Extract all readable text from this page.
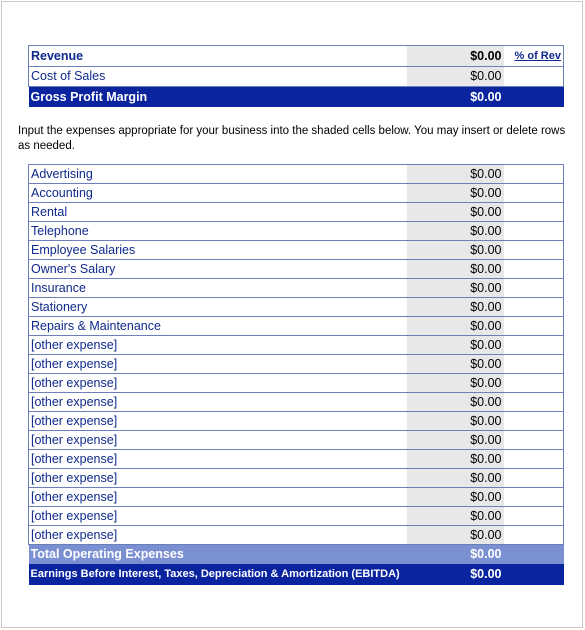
Revenue	$0.00	% of Rev
Cost of Sales	$0.00	
Gross Profit Margin	$0.00	
Input the expenses appropriate for your business into the shaded cells below. You may insert or delete rows as needed.
Advertising	$0.00	
Accounting	$0.00	
Rental	$0.00	
Telephone	$0.00	
Employee Salaries	$0.00	
Owner's Salary	$0.00	
Insurance	$0.00	
Stationery	$0.00	
Repairs & Maintenance	$0.00	
[other expense]	$0.00	
[other expense]	$0.00	
[other expense]	$0.00	
[other expense]	$0.00	
[other expense]	$0.00	
[other expense]	$0.00	
[other expense]	$0.00	
[other expense]	$0.00	
[other expense]	$0.00	
[other expense]	$0.00	
[other expense]	$0.00	
Total Operating Expenses	$0.00	
Earnings Before Interest, Taxes, Depreciation & Amortization (EBITDA)	$0.00	
